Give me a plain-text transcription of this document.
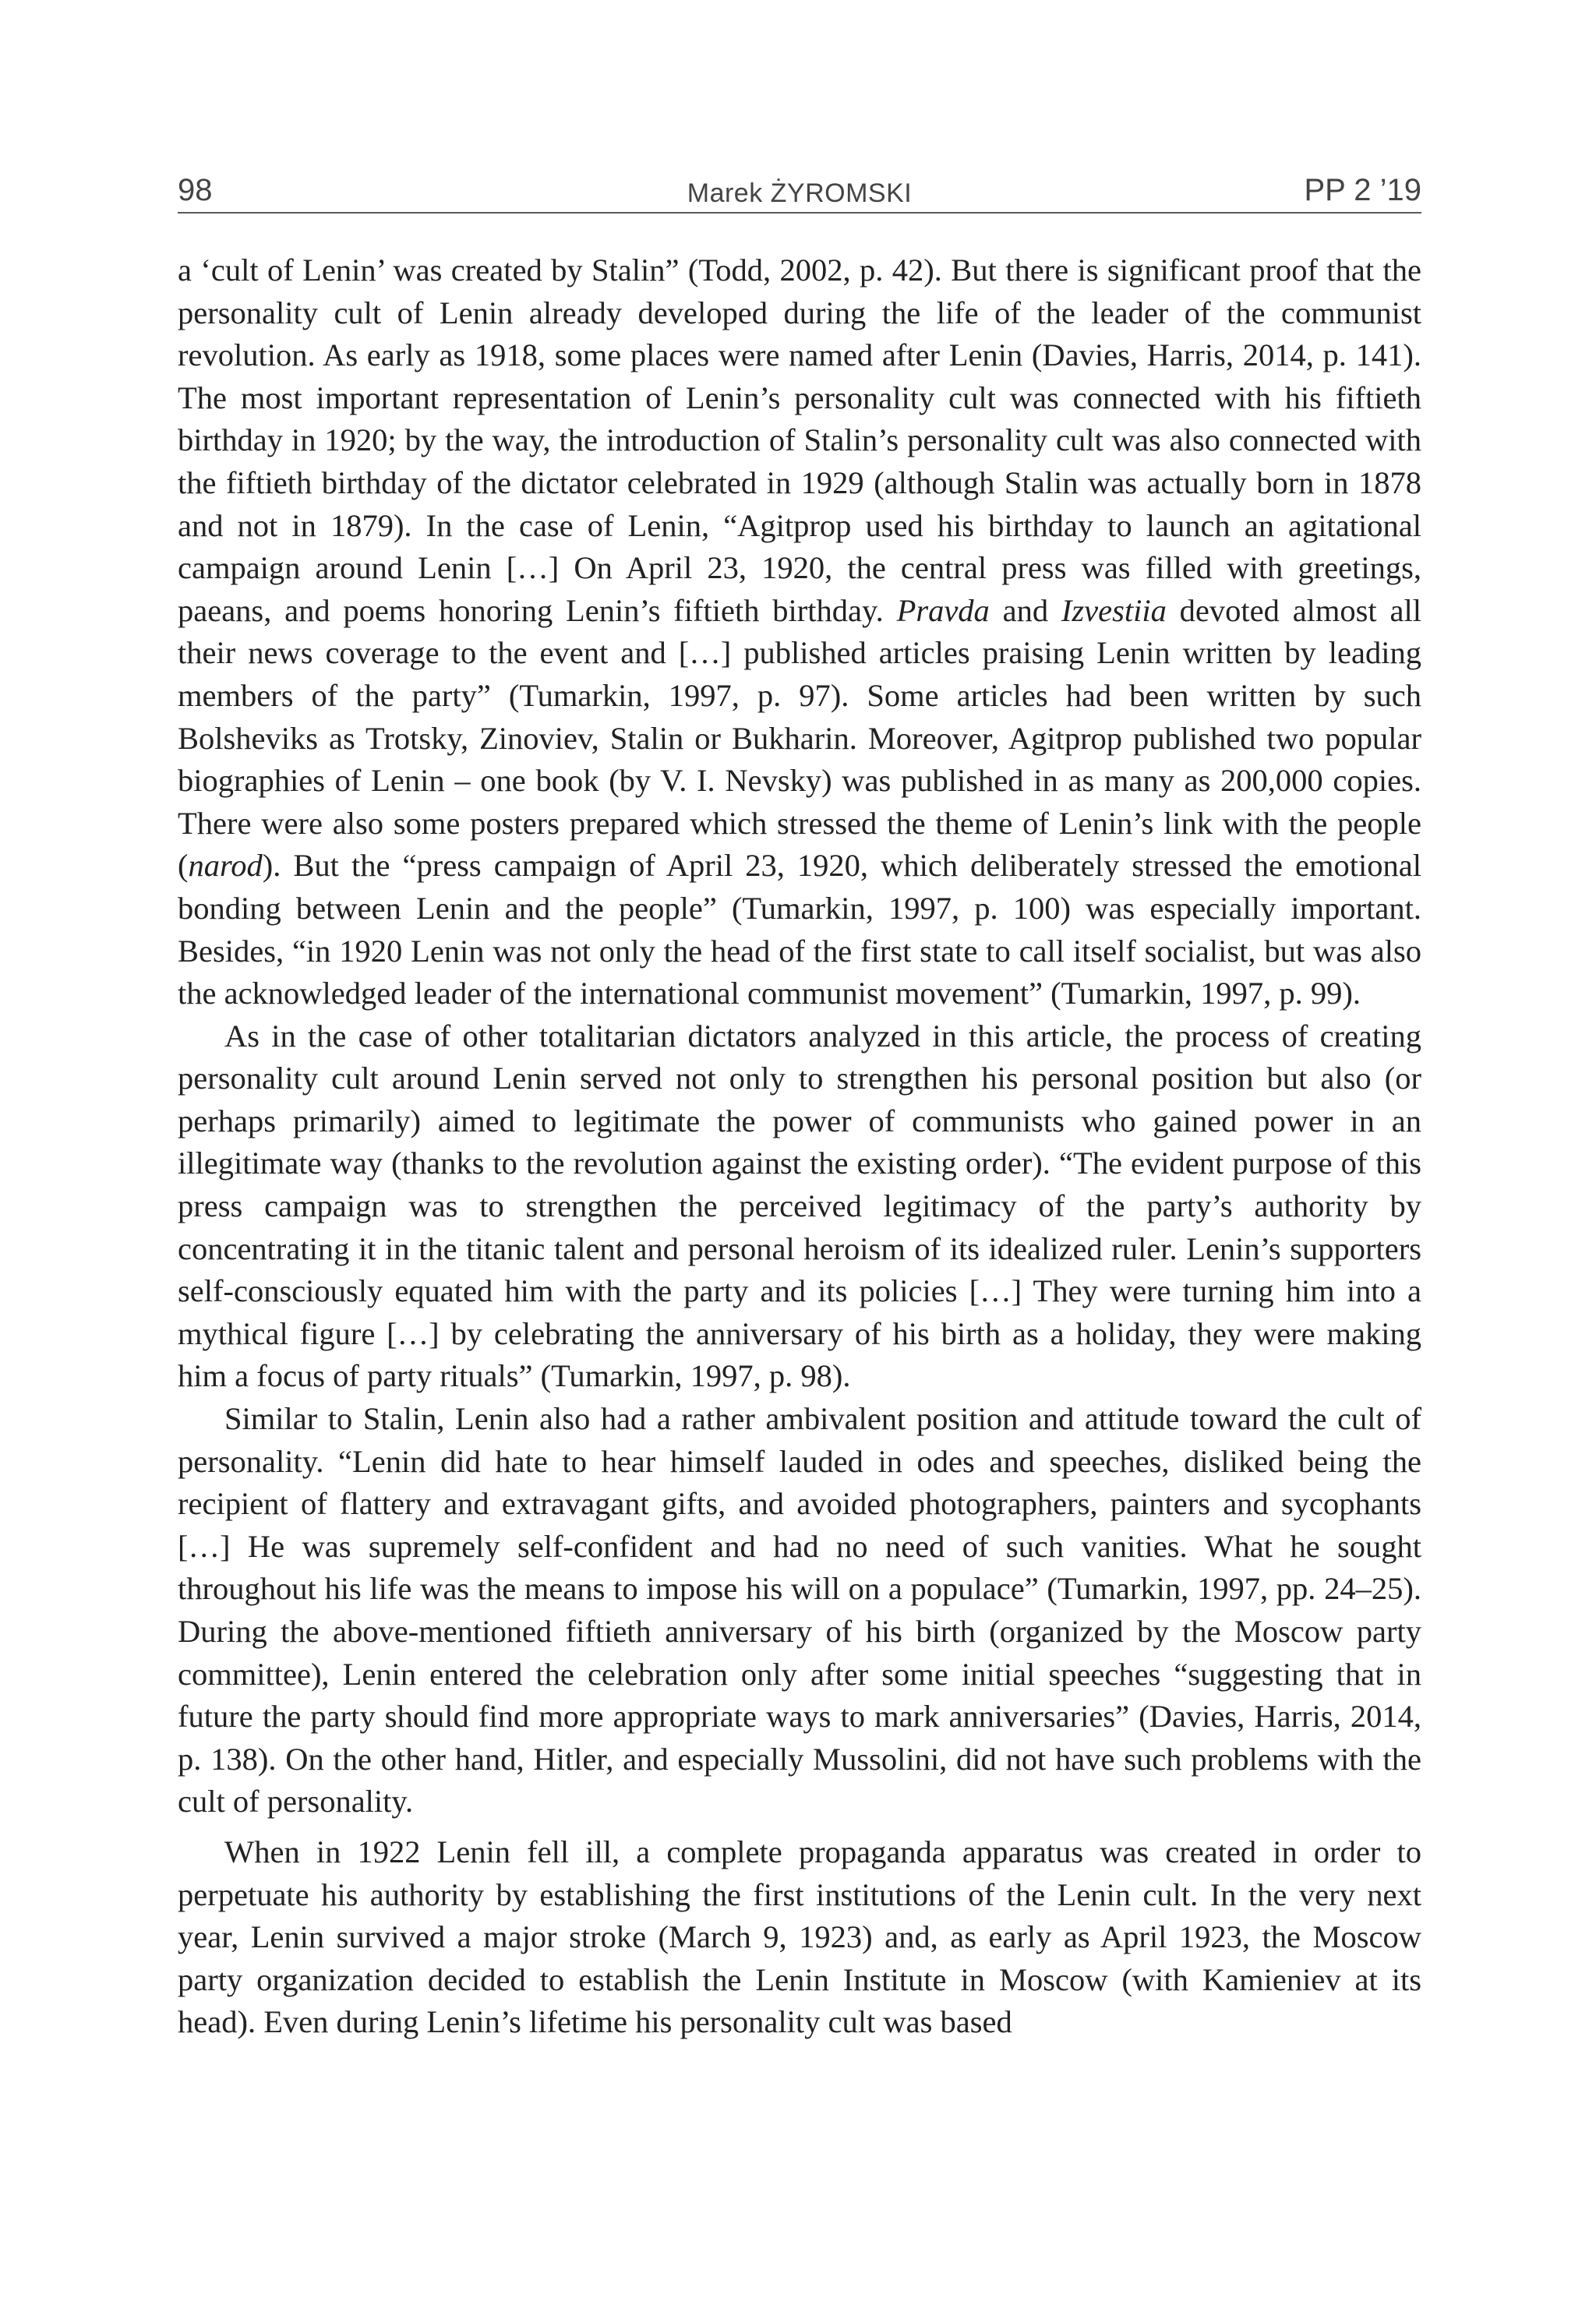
98	Marek ŻYROMSKI	PP 2 ’19

a ‘cult of Lenin’ was created by Stalin” (Todd, 2002, p. 42). But there is significant proof that the personality cult of Lenin already developed during the life of the leader of the communist revolution. As early as 1918, some places were named after Lenin (Davies, Harris, 2014, p. 141). The most important representation of Lenin’s personality cult was connected with his fiftieth birthday in 1920; by the way, the introduction of Stalin’s personality cult was also connected with the fiftieth birthday of the dictator celebrated in 1929 (although Stalin was actually born in 1878 and not in 1879). In the case of Lenin, “Agitprop used his birthday to launch an agitational campaign around Lenin […] On April 23, 1920, the central press was filled with greetings, paeans, and poems honoring Lenin’s fiftieth birthday. Pravda and Izvestiia devoted almost all their news coverage to the event and […] published articles praising Lenin written by leading members of the party” (Tumarkin, 1997, p. 97). Some articles had been written by such Bolsheviks as Trotsky, Zinoviev, Stalin or Bukharin. Moreover, Agitprop published two popular biographies of Lenin – one book (by V. I. Nevsky) was published in as many as 200,000 copies. There were also some posters prepared which stressed the theme of Lenin’s link with the people (narod). But the “press campaign of April 23, 1920, which deliberately stressed the emotional bonding between Lenin and the people” (Tumarkin, 1997, p. 100) was especially important. Besides, “in 1920 Lenin was not only the head of the first state to call itself socialist, but was also the acknowledged leader of the international communist movement” (Tumarkin, 1997, p. 99).

As in the case of other totalitarian dictators analyzed in this article, the process of creating personality cult around Lenin served not only to strengthen his personal position but also (or perhaps primarily) aimed to legitimate the power of communists who gained power in an illegitimate way (thanks to the revolution against the existing order). “The evident purpose of this press campaign was to strengthen the perceived legitimacy of the party’s authority by concentrating it in the titanic talent and personal heroism of its idealized ruler. Lenin’s supporters self-consciously equated him with the party and its policies […] They were turning him into a mythical figure […] by celebrating the anniversary of his birth as a holiday, they were making him a focus of party rituals” (Tumarkin, 1997, p. 98).

Similar to Stalin, Lenin also had a rather ambivalent position and attitude toward the cult of personality. “Lenin did hate to hear himself lauded in odes and speeches, disliked being the recipient of flattery and extravagant gifts, and avoided photographers, painters and sycophants […] He was supremely self-confident and had no need of such vanities. What he sought throughout his life was the means to impose his will on a populace” (Tumarkin, 1997, pp. 24–25). During the above-mentioned fiftieth anniversary of his birth (organized by the Moscow party committee), Lenin entered the celebration only after some initial speeches “suggesting that in future the party should find more appropriate ways to mark anniversaries” (Davies, Harris, 2014, p. 138). On the other hand, Hitler, and especially Mussolini, did not have such problems with the cult of personality.

When in 1922 Lenin fell ill, a complete propaganda apparatus was created in order to perpetuate his authority by establishing the first institutions of the Lenin cult. In the very next year, Lenin survived a major stroke (March 9, 1923) and, as early as April 1923, the Moscow party organization decided to establish the Lenin Institute in Moscow (with Kamieniev at its head). Even during Lenin’s lifetime his personality cult was based
